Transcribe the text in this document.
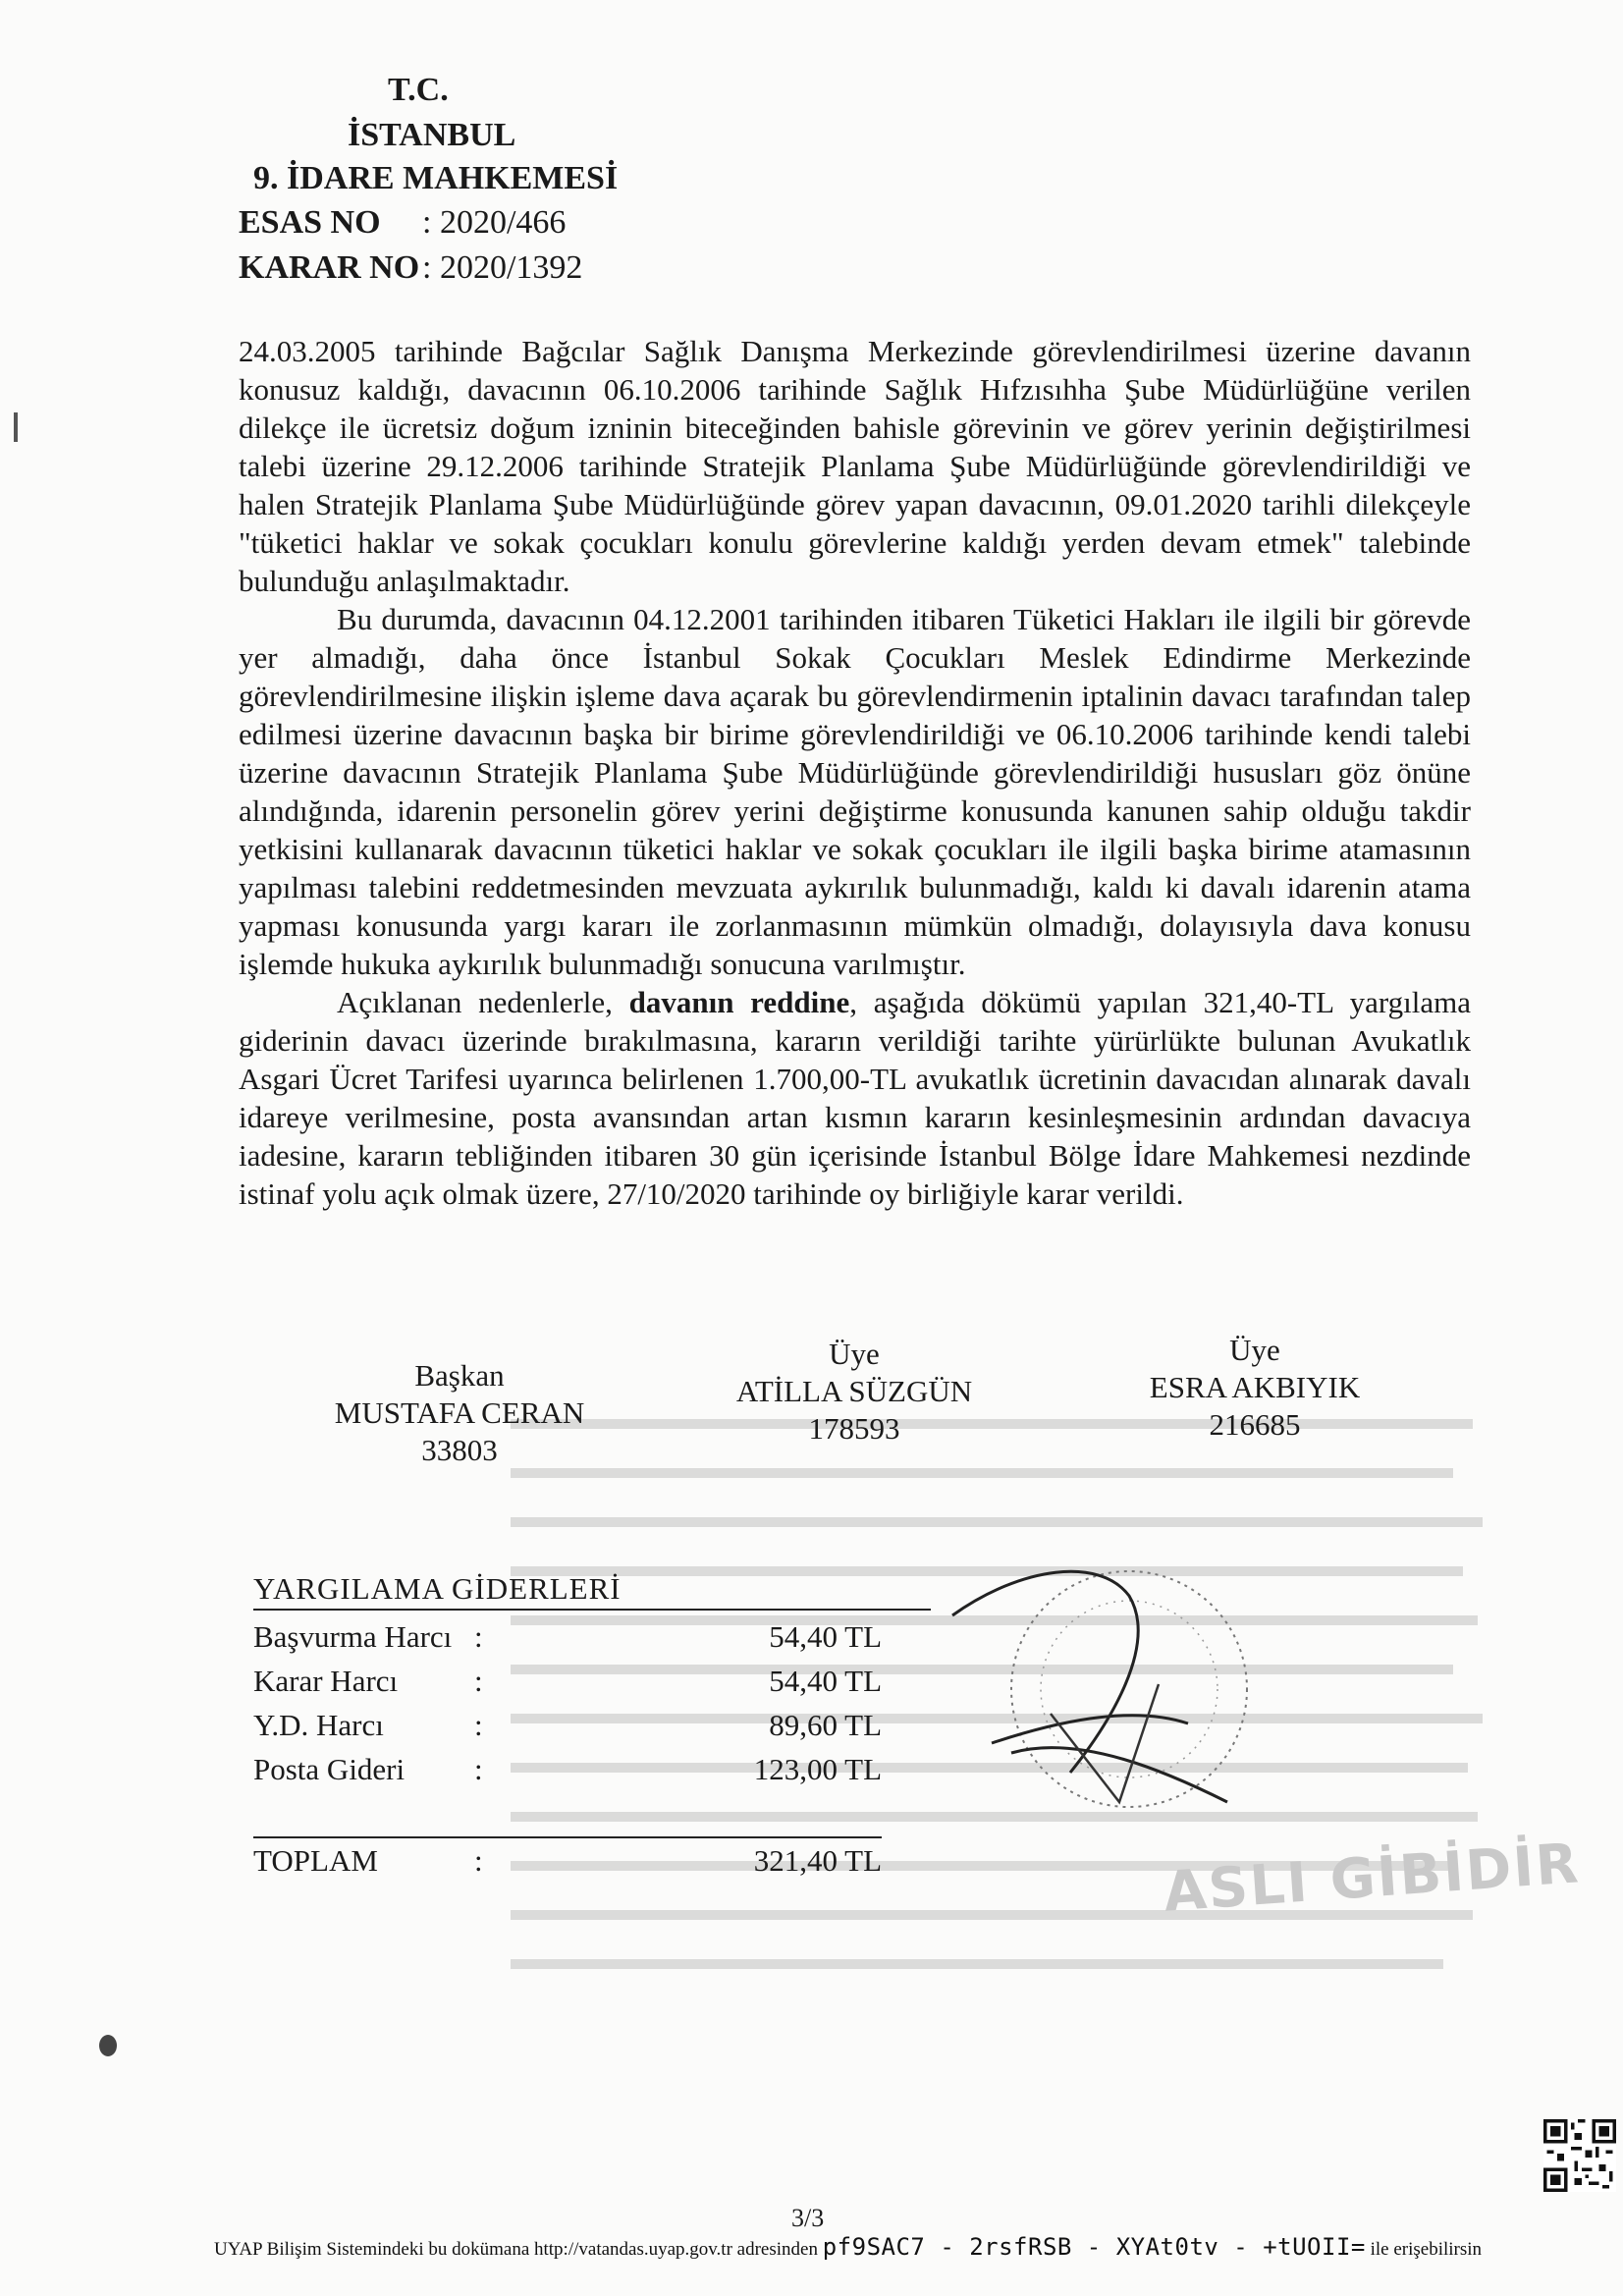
T.C.
İSTANBUL
9. İDARE MAHKEMESİ
ESAS NO : 2020/466
KARAR NO: 2020/1392

24.03.2005 tarihinde Bağcılar Sağlık Danışma Merkezinde görevlendirilmesi üzerine davanın konusuz kaldığı, davacının 06.10.2006 tarihinde Sağlık Hıfzısıhha Şube Müdürlüğüne verilen dilekçe ile ücretsiz doğum izninin biteceğinden bahisle görevinin ve görev yerinin değiştirilmesi talebi üzerine 29.12.2006 tarihinde Stratejik Planlama Şube Müdürlüğünde görevlendirildiği ve halen Stratejik Planlama Şube Müdürlüğünde görev yapan davacının, 09.01.2020 tarihli dilekçeyle "tüketici haklar ve sokak çocukları konulu görevlerine kaldığı yerden devam etmek" talebinde bulunduğu anlaşılmaktadır.

Bu durumda, davacının 04.12.2001 tarihinden itibaren Tüketici Hakları ile ilgili bir görevde yer almadığı, daha önce İstanbul Sokak Çocukları Meslek Edindirme Merkezinde görevlendirilmesine ilişkin işleme dava açarak bu görevlendirmenin iptalinin davacı tarafından talep edilmesi üzerine davacının başka bir birime görevlendirildiği ve 06.10.2006 tarihinde kendi talebi üzerine davacının Stratejik Planlama Şube Müdürlüğünde görevlendirildiği hususları göz önüne alındığında, idarenin personelin görev yerini değiştirme konusunda kanunen sahip olduğu takdir yetkisini kullanarak davacının tüketici haklar ve sokak çocukları ile ilgili başka birime atamasının yapılması talebini reddetmesinden mevzuata aykırılık bulunmadığı, kaldı ki davalı idarenin atama yapması konusunda yargı kararı ile zorlanmasının mümkün olmadığı, dolayısıyla dava konusu işlemde hukuka aykırılık bulunmadığı sonucuna varılmıştır.

Açıklanan nedenlerle, davanın reddine, aşağıda dökümü yapılan 321,40-TL yargılama giderinin davacı üzerinde bırakılmasına, kararın verildiği tarihte yürürlükte bulunan Avukatlık Asgari Ücret Tarifesi uyarınca belirlenen 1.700,00-TL avukatlık ücretinin davacıdan alınarak davalı idareye verilmesine, posta avansından artan kısmın kararın kesinleşmesinin ardından davacıya iadesine, kararın tebliğinden itibaren 30 gün içerisinde İstanbul Bölge İdare Mahkemesi nezdinde istinaf yolu açık olmak üzere, 27/10/2020 tarihinde oy birliğiyle karar verildi.

Başkan
MUSTAFA CERAN
33803
Üye
ATİLLA SÜZGÜN
178593
Üye
ESRA AKBIYIK
216685
YARGILAMA GİDERLERİ
Başvurma Harcı :	54,40 TL
Karar Harcı	:	54,40 TL
Y.D. Harcı	:	89,60 TL
Posta Gideri :	123,00 TL
TOPLAM	:	321,40 TL	ASLI GİBİDİR
3/3
UYAP Bilişim Sistemindeki bu dokümana http://vatandas.uyap.gov.tr adresinden pf9SAC7 - 2rsfRSB - XYAt0tv - +tUOII= ile erişebilirsin
